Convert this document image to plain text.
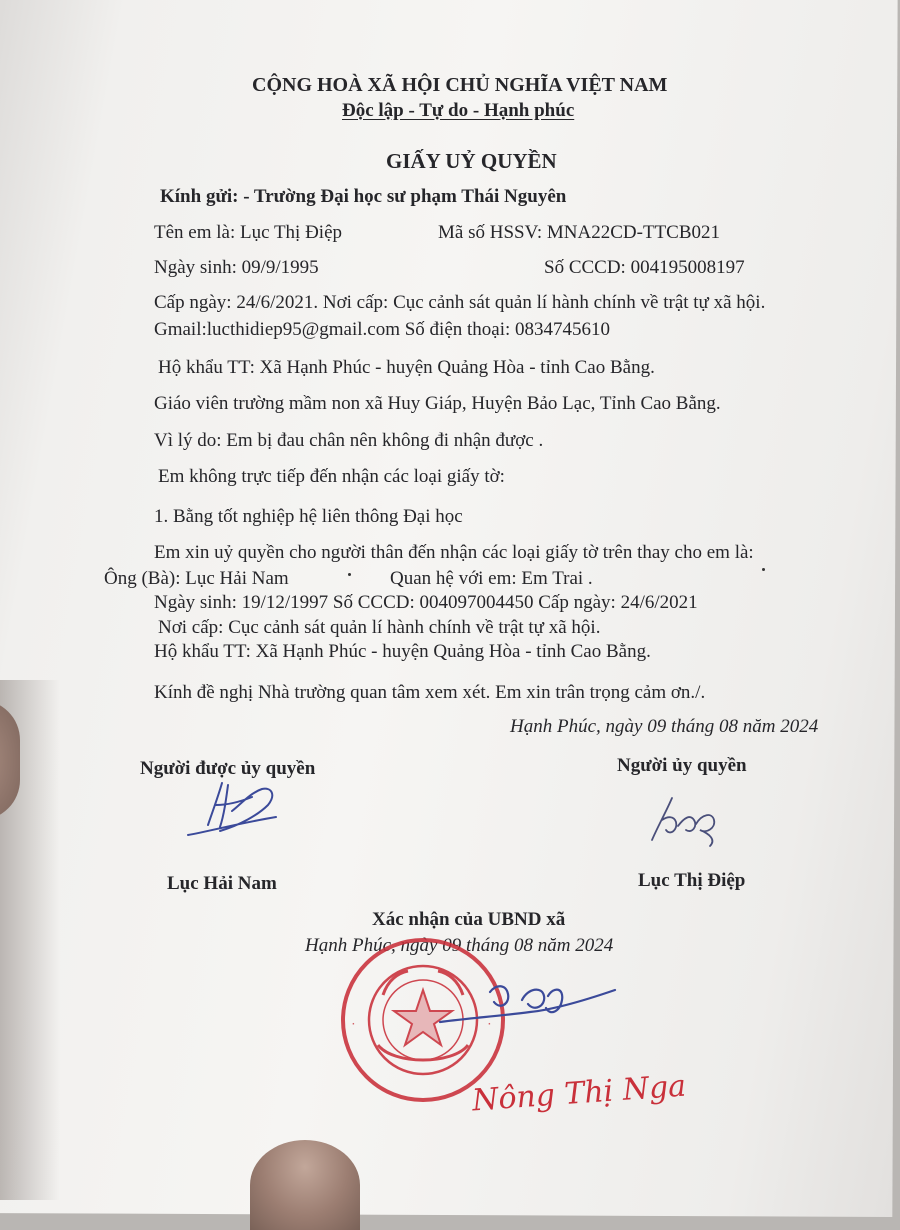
CỘNG HOÀ XÃ HỘI CHỦ NGHĨA VIỆT NAM
Độc lập - Tự do - Hạnh phúc
GIẤY UỶ QUYỀN
Kính gửi: - Trường Đại học sư phạm Thái Nguyên
Tên em là: Lục Thị Điệp	Mã số HSSV: MNA22CD-TTCB021
Ngày sinh: 09/9/1995	Số CCCD: 004195008197
Cấp ngày: 24/6/2021. Nơi cấp: Cục cảnh sát quản lí hành chính về trật tự xã hội.
Gmail:lucthidiep95@gmail.com Số điện thoại: 0834745610
Hộ khẩu TT: Xã Hạnh Phúc - huyện Quảng Hòa - tỉnh Cao Bằng.
Giáo viên trường mầm non xã Huy Giáp, Huyện Bảo Lạc, Tỉnh Cao Bằng.
Vì lý do: Em bị đau chân nên không đi nhận được .
Em không trực tiếp đến nhận các loại giấy tờ:
1. Bằng tốt nghiệp hệ liên thông Đại học
Em xin uỷ quyền cho người thân đến nhận các loại giấy tờ trên thay cho em là:
Ông (Bà): Lục Hải Nam	Quan hệ với em: Em Trai .
Ngày sinh: 19/12/1997 Số CCCD: 004097004450 Cấp ngày: 24/6/2021
Nơi cấp: Cục cảnh sát quản lí hành chính về trật tự xã hội.
Hộ khẩu TT: Xã Hạnh Phúc - huyện Quảng Hòa - tỉnh Cao Bằng.
Kính đề nghị Nhà trường quan tâm xem xét. Em xin trân trọng cảm ơn./.
Hạnh Phúc, ngày 09 tháng 08 năm 2024
Người được ủy quyền	Người ủy quyền
Lục Hải Nam	Lục Thị Điệp
Xác nhận của UBND xã
Hạnh Phúc, ngày 09 tháng 08 năm 2024
·	·
Nông Thị Nga
